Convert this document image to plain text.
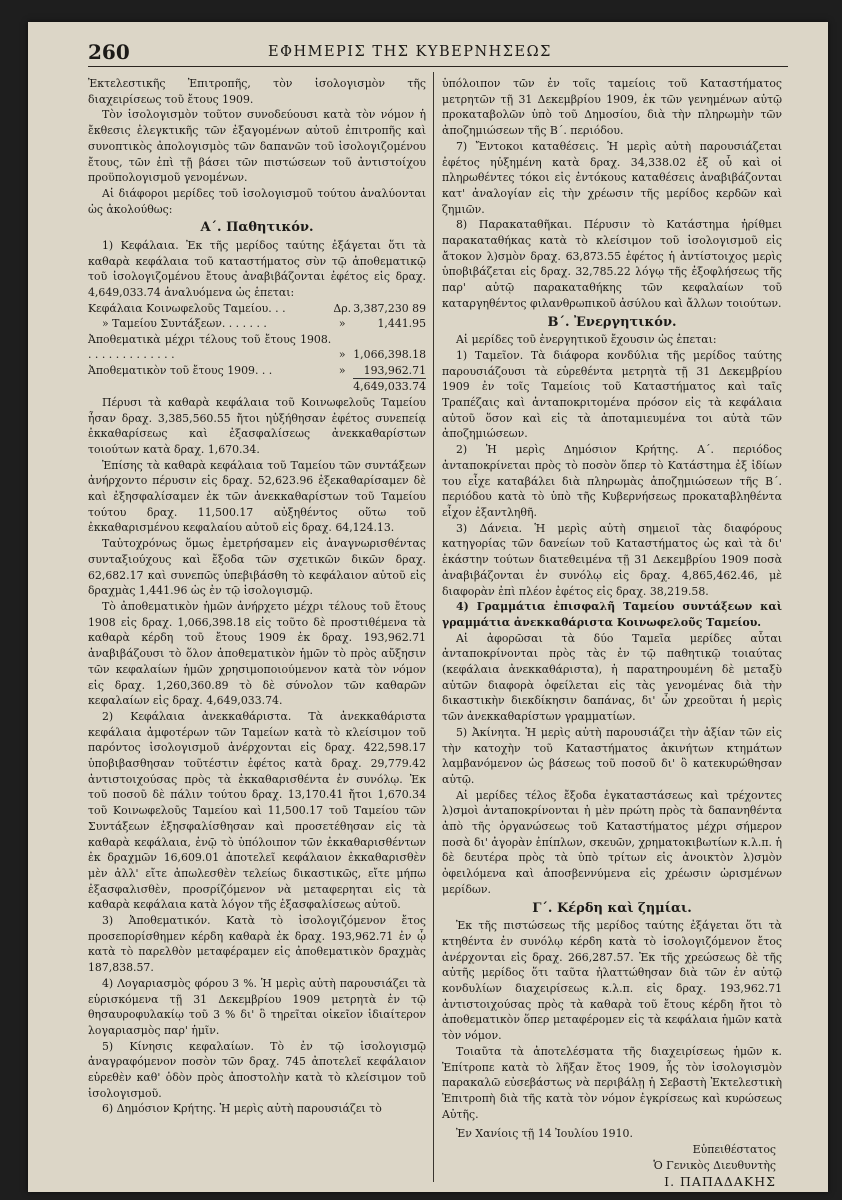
260	ΕΦΗΜΕΡΙΣ ΤΗΣ ΚΥΒΕΡΝΗΣΕΩΣ

Ἐκτελεστικῆς Ἐπιτροπῆς, τὸν ἰσολογισμὸν τῆς διαχειρίσεως τοῦ ἔτους 1909.

Τὸν ἰσολογισμὸν τοῦτον συνοδεύουσι κατὰ τὸν νόμον ἡ ἔκθεσις ἐλεγκτικῆς τῶν ἐξαγομένων αὐτοῦ ἐπιτροπῆς καὶ συνοπτικὸς ἀπολογισμὸς τῶν δαπανῶν τοῦ ἰσολογιζομένου ἔτους, τῶν ἐπὶ τῇ βάσει τῶν πιστώσεων τοῦ ἀντιστοίχου προϋπολογισμοῦ γενομένων.

Αἱ διάφοροι μερίδες τοῦ ἰσολογισμοῦ τούτου ἀναλύονται ὡς ἀκολούθως:

Α΄. Παθητικόν.

1) Κεφάλαια. Ἐκ τῆς μερίδος ταύτης ἐξάγεται ὅτι τὰ καθαρὰ κεφάλαια τοῦ καταστήματος σὺν τῷ ἀποθεματικῷ τοῦ ἰσολογιζομένου ἔτους ἀναβιβάζονται ἐφέτος εἰς δραχ. 4,649,033.74 ἀναλυόμενα ὡς ἑπεται:

Κεφάλαια Κοινωφελοῦς Ταμείου. . .	Δρ.	3,387,230 89
» Ταμείου Συντάξεων. . . . . . .	»	1,441.95
Ἀποθεματικὰ μέχρι τέλους τοῦ ἔτους 1908. . . . . . . . . . . . . .	»	1,066,398.18
Ἀποθεματικὸν τοῦ ἔτους 1909. . .	»	193,962.71
		4,649,033.74

Πέρυσι τὰ καθαρὰ κεφάλαια τοῦ Κοινωφελοῦς Ταμείου ἦσαν δραχ. 3,385,560.55 ἤτοι ηὐξήθησαν ἐφέτος συνεπείᾳ ἐκκαθαρίσεως καὶ ἐξασφαλίσεως ἀνεκκαθαρίστων τοιούτων κατὰ δραχ. 1,670.34.

Ἐπίσης τὰ καθαρὰ κεφάλαια τοῦ Ταμείου τῶν συντάξεων ἀνήρχοντο πέρυσιν εἰς δραχ. 52,623.96 ἐξεκαθαρίσαμεν δὲ καὶ ἐξησφαλίσαμεν ἐκ τῶν ἀνεκκαθαρίστων τοῦ Ταμείου τούτου δραχ. 11,500.17 αὐξηθέντος οὕτω τοῦ ἐκκαθαρισμένου κεφαλαίου αὐτοῦ εἰς δραχ. 64,124.13.

Ταὐτοχρόνως ὅμως ἐμετρήσαμεν εἰς ἀναγνωρισθέντας συνταξιούχους καὶ ἔξοδα τῶν σχετικῶν δικῶν δραχ. 62,682.17 καὶ συνεπῶς ὑπεβιβάσθη τὸ κεφάλαιον αὐτοῦ εἰς δραχμὰς 1,441.96 ὡς ἐν τῷ ἰσολογισμῷ.

Τὸ ἀποθεματικὸν ἡμῶν ἀνήρχετο μέχρι τέλους τοῦ ἔτους 1908 εἰς δραχ. 1,066,398.18 εἰς τοῦτο δὲ προστιθέμενα τὰ καθαρὰ κέρδη τοῦ ἔτους 1909 ἐκ δραχ. 193,962.71 ἀναβιβάζουσι τὸ ὅλον ἀποθεματικὸν ἡμῶν τὸ πρὸς αὔξησιν τῶν κεφαλαίων ἡμῶν χρησιμοποιούμενον κατὰ τὸν νόμον εἰς δραχ. 1,260,360.89 τὸ δὲ σύνολον τῶν καθαρῶν κεφαλαίων εἰς δραχ. 4,649,033.74.

2) Κεφάλαια ἀνεκκαθάριστα. Τὰ ἀνεκκαθάριστα κεφάλαια ἀμφοτέρων τῶν Ταμείων κατὰ τὸ κλείσιμον τοῦ παρόντος ἰσολογισμοῦ ἀνέρχονται εἰς δραχ. 422,598.17 ὑποβιβασθησαν τοῦτέστιν ἐφέτος κατὰ δραχ. 29,779.42 ἀντιστοιχούσας πρὸς τὰ ἐκκαθαρισθέντα ἐν συνόλῳ. Ἐκ τοῦ ποσοῦ δὲ πάλιν τούτου δραχ. 13,170.41 ἤτοι 1,670.34 τοῦ Κοινωφελοῦς Ταμείου καὶ 11,500.17 τοῦ Ταμείου τῶν Συντάξεων ἐξησφαλίσθησαν καὶ προσετέθησαν εἰς τὰ καθαρὰ κεφάλαια, ἐνῷ τὸ ὑπόλοιπον τῶν ἐκκαθαρισθέντων ἐκ δραχμῶν 16,609.01 ἀποτελεῖ κεφάλαιον ἐκκαθαρισθὲν μὲν ἀλλ' εἴτε ἀπωλεσθὲν τελείως δικαστικῶς, εἴτε μήπω ἐξασφαλισθὲν, προσρίζόμενον νὰ μεταφερηται εἰς τὰ καθαρὰ κεφάλαια κατὰ λόγον τῆς ἐξασφαλίσεως αὐτοῦ.

3) Ἀποθεματικόν. Κατὰ τὸ ἰσολογιζόμενον ἔτος προσεπορίσθημεν κέρδη καθαρὰ ἐκ δραχ. 193,962.71 ἐν ᾧ κατὰ τὸ παρελθὸν μεταφέραμεν εἰς ἀποθεματικὸν δραχμὰς 187,838.57.

4) Λογαριασμὸς φόρου 3 %. Ἡ μερὶς αὐτὴ παρουσιάζει τὰ εὑρισκόμενα τῇ 31 Δεκεμβρίου 1909 μετρητὰ ἐν τῷ θησαυροφυλακίῳ τοῦ 3 % δι' ὃ τηρεῖται οἰκεῖον ἰδιαίτερον λογαριασμὸς παρ' ἡμῖν.

5) Κίνησις κεφαλαίων. Τὸ ἐν τῷ ἰσολογισμῷ ἀναγραφόμενον ποσὸν τῶν δραχ. 745 ἀποτελεῖ κεφάλαιον εὑρεθὲν καθ' ὁδὸν πρὸς ἀποστολὴν κατὰ τὸ κλείσιμον τοῦ ἰσολογισμοῦ.

6) Δημόσιον Κρήτης. Ἡ μερὶς αὐτὴ παρουσιάζει τὸ

ὑπόλοιπον τῶν ἐν τοῖς ταμείοις τοῦ Καταστήματος μετρητῶν τῇ 31 Δεκεμβρίου 1909, ἐκ τῶν γενημένων αὐτῷ προκαταβολῶν ὑπὸ τοῦ Δημοσίου, διὰ τὴν πληρωμὴν τῶν ἀποζημιώσεων τῆς Β΄. περιόδου.

7) Ἔντοκοι καταθέσεις. Ἡ μερὶς αὐτὴ παρουσιάζεται ἐφέτος ηὐξημένη κατὰ δραχ. 34,338.02 ἐξ οὗ καὶ οἱ πληρωθέντες τόκοι εἰς ἐντόκους καταθέσεις ἀναβιβάζονται κατ' ἀναλογίαν εἰς τὴν χρέωσιν τῆς μερίδος κερδῶν καὶ ζημιῶν.

8) Παρακαταθῆκαι. Πέρυσιν τὸ Κατάστημα ἠρίθμει παρακαταθήκας κατὰ τὸ κλείσιμον τοῦ ἰσολογισμοῦ εἰς ἄτοκον λ)σμὸν δραχ. 63,873.55 ἐφέτος ἡ ἀντίστοιχος μερὶς ὑποβιβάζεται εἰς δραχ. 32,785.22 λόγῳ τῆς ἐξοφλήσεως τῆς παρ' αὐτῷ παρακαταθήκης τῶν κεφαλαίων τοῦ καταργηθέντος φιλανθρωπικοῦ ἀσύλου καὶ ἄλλων τοιούτων.

Β΄. Ἐνεργητικόν.

Αἱ μερίδες τοῦ ἐνεργητικοῦ ἔχουσιν ὡς ἑπεται:

1) Ταμεῖον. Τὰ διάφορα κονδύλια τῆς μερίδος ταύτης παρουσιάζουσι τὰ εὑρεθέντα μετρητὰ τῇ 31 Δεκεμβρίου 1909 ἐν τοῖς Ταμείοις τοῦ Καταστήματος καὶ ταῖς Τραπέζαις καὶ ἀνταποκριτομένα πρόσον εἰς τὰ κεφάλαια αὐτοῦ ὅσον καὶ εἰς τὰ ἀποταμιευμένα τοι αὐτὰ τῶν ἀποζημιώσεων.

2) Ἡ μερὶς Δημόσιον Κρήτης. Α΄. περιόδος ἀνταποκρίνεται πρὸς τὸ ποσὸν ὅπερ τὸ Κατάστημα ἐξ ἰδίων του εἶχε καταβάλει διὰ πληρωμὰς ἀποζημιώσεων τῆς Β΄. περιόδου κατὰ τὸ ὑπὸ τῆς Κυβερνήσεως προκαταβληθέντα εἶχον ἐξαντληθῆ.

3) Δάνεια. Ἡ μερὶς αὐτὴ σημειοῖ τὰς διαφόρους κατηγορίας τῶν δανείων τοῦ Καταστήματος ὡς καὶ τὰ δι' ἑκάστην τούτων διατεθειμένα τῇ 31 Δεκεμβρίου 1909 ποσὰ ἀναβιβάζονται ἐν συνόλῳ εἰς δραχ. 4,865,462.46, μὲ διαφορὰν ἐπὶ πλέον ἐφέτος εἰς δραχ. 38,219.58.

4) Γραμμάτια ἐπισφαλῆ Ταμείου συντάξεων καὶ γραμμάτια ἀνεκκαθάριστα Κοινωφελοῦς Ταμείου.

Αἱ ἀφορῶσαι τὰ δύο Ταμεῖα μερίδες αὗται ἀνταποκρίνονται πρὸς τὰς ἐν τῷ παθητικῷ τοιαύτας (κεφάλαια ἀνεκκαθάριστα), ἡ παρατηρουμένη δὲ μεταξὺ αὐτῶν διαφορὰ ὀφείλεται εἰς τὰς γενομένας διὰ τὴν δικαστικὴν διεκδίκησιν δαπάνας, δι' ὧν χρεοῦται ἡ μερὶς τῶν ἀνεκκαθαρίστων γραμματίων.

5) Ἀκίνητα. Ἡ μερὶς αὐτὴ παρουσιάζει τὴν ἀξίαν τῶν εἰς τὴν κατοχὴν τοῦ Καταστήματος ἀκινήτων κτημάτων λαμβανόμενον ὡς βάσεως τοῦ ποσοῦ δι' ὃ κατεκυρώθησαν αὐτῷ.

Αἱ μερίδες τέλος ἔξοδα ἐγκαταστάσεως καὶ τρέχοντες λ)σμοὶ ἀνταποκρίνονται ἡ μὲν πρώτη πρὸς τὰ δαπανηθέντα ἀπὸ τῆς ὀργανώσεως τοῦ Καταστήματος μέχρι σήμερον ποσὰ δι' ἀγορὰν ἐπίπλων, σκευῶν, χρηματοκιβωτίων κ.λ.π. ἡ δὲ δευτέρα πρὸς τὰ ὑπὸ τρίτων εἰς ἀνοικτὸν λ)σμὸν ὀφειλόμενα καὶ ἀποσβεννύμενα εἰς χρέωσιν ὡρισμένων μερίδων.

Γ΄. Κέρδη καὶ ζημίαι.

Ἐκ τῆς πιστώσεως τῆς μερίδος ταύτης ἐξάγεται ὅτι τὰ κτηθέντα ἐν συνόλῳ κέρδη κατὰ τὸ ἰσολογιζόμενον ἔτος ἀνέρχονται εἰς δραχ. 266,287.57. Ἐκ τῆς χρεώσεως δὲ τῆς αὐτῆς μερίδος ὅτι ταῦτα ἠλαττώθησαν διὰ τῶν ἐν αὐτῷ κονδυλίων διαχειρίσεως κ.λ.π. εἰς δραχ. 193,962.71 ἀντιστοιχούσας πρὸς τὰ καθαρὰ τοῦ ἔτους κέρδη ἤτοι τὸ ἀποθεματικὸν ὅπερ μεταφέρομεν εἰς τὰ κεφάλαια ἡμῶν κατὰ τὸν νόμον.

Τοιαῦτα τὰ ἀποτελέσματα τῆς διαχειρίσεως ἡμῶν κ. Ἐπίτροπε κατὰ τὸ λῆξαν ἔτος 1909, ἧς τὸν ἰσολογισμὸν παρακαλῶ εὐσεβάστως νὰ περιβάλῃ ἡ Σεβαστὴ Ἐκτελεστικὴ Ἐπιτροπὴ διὰ τῆς κατὰ τὸν νόμον ἐγκρίσεως καὶ κυρώσεως Αὐτῆς.

Ἐν Χανίοις τῇ 14 Ἰουλίου 1910.
Εὐπειθέστατος
Ὁ Γενικὸς Διευθυντὴς
Ι. ΠΑΠΑΔΑΚΗΣ
